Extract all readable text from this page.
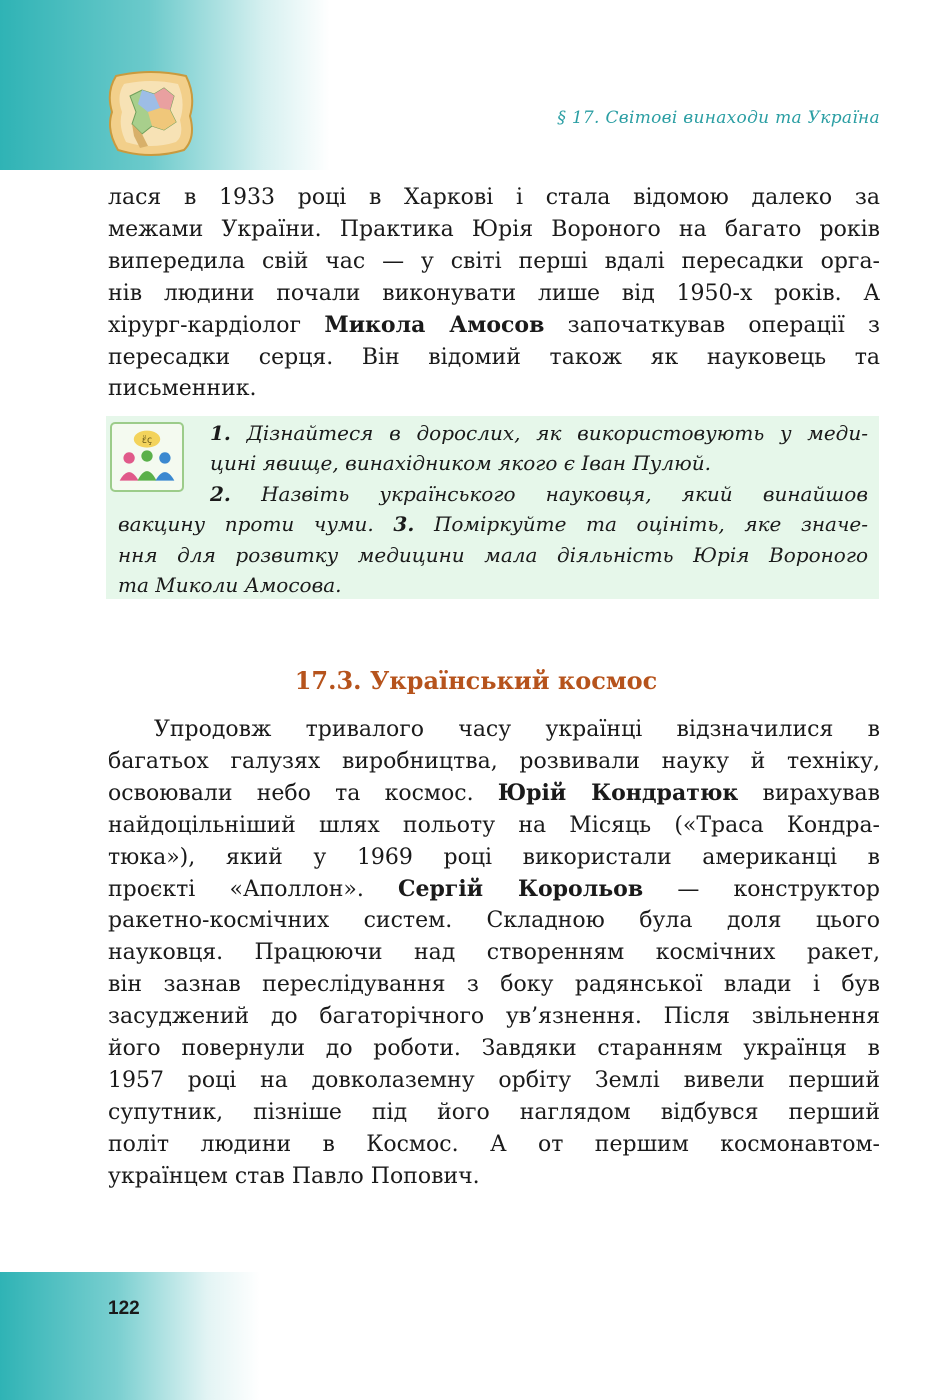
§ 17. Світові винаходи та Україна
лася в 1933 році в Харкові і стала відомою далеко за
межами України. Практика Юрія Вороного на багато років
випередила свій час — у світі перші вдалі пересадки орга-
нів людини почали виконувати лише від 1950-х років. А
хірург-кардіолог Микола Амосов започаткував операції з
пересадки серця. Він відомий також як науковець та
письменник.
ε̈ç	1. Дізнайтеся в дорослих, як використовують у меди-
цині явище, винахідником якого є Іван Пулюй.
2. Назвіть українського науковця, який винайшов
вакцину проти чуми. 3. Поміркуйте та оцініть, яке значе-
ння для розвитку медицини мала діяльність Юрія Вороного
та Миколи Амосова.
17.3. Український космос
Упродовж тривалого часу українці відзначилися в
багатьох галузях виробництва, розвивали науку й техніку,
освоювали небо та космос. Юрій Кондратюк вирахував
найдоцільніший шлях польоту на Місяць («Траса Кондра-
тюка»), який у 1969 році використали американці в
проєкті «Аполлон». Сергій Корольов — конструктор
ракетно-космічних систем. Складною була доля цього
науковця. Працюючи над створенням космічних ракет,
він зазнав переслідування з боку радянської влади і був
засуджений до багаторічного ув’язнення. Після звільнення
його повернули до роботи. Завдяки старанням українця в
1957 році на довколаземну орбіту Землі вивели перший
супутник, пізніше під його наглядом відбувся перший
політ людини в Космос. А от першим космонавтом-
українцем став Павло Попович.
122
